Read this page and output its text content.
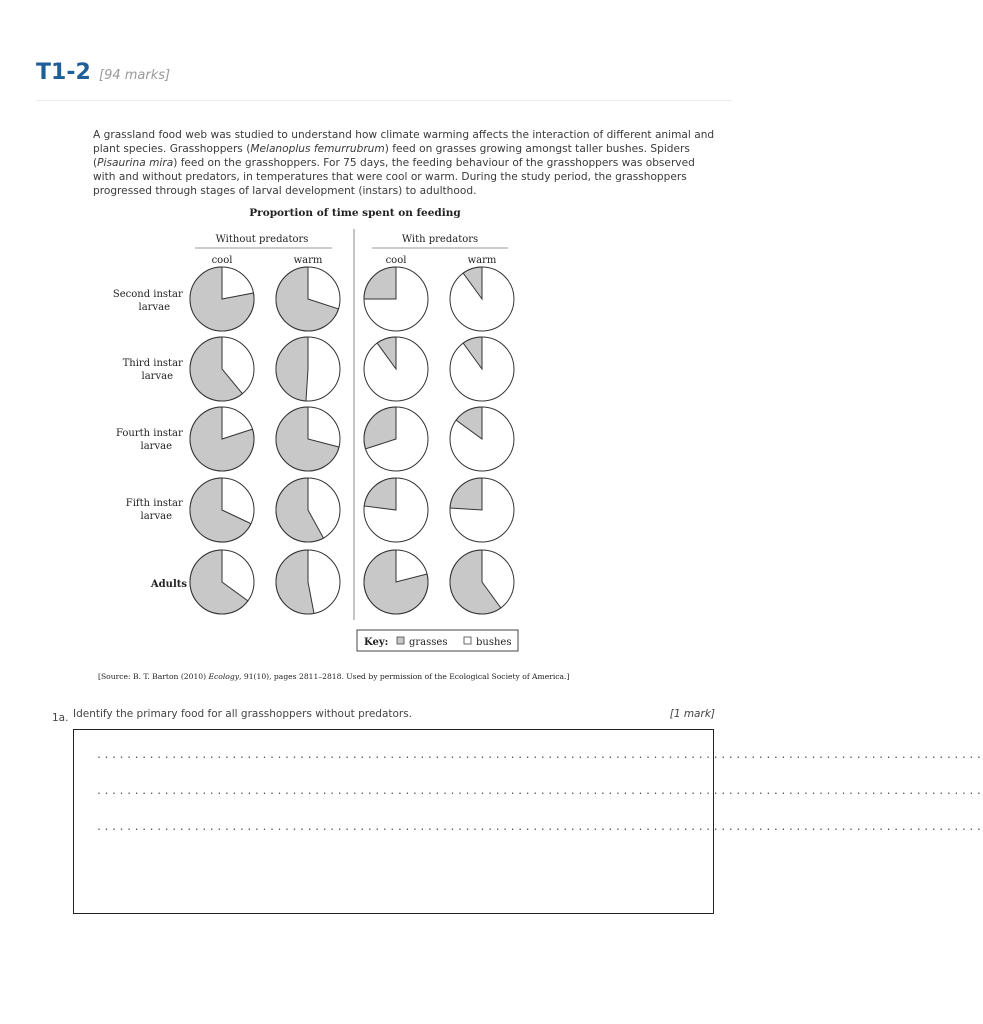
T1-2 [94 marks]

A grassland food web was studied to understand how climate warming affects the interaction of different animal and plant species. Grasshoppers (Melanoplus femurrubrum) feed on grasses growing amongst taller bushes. Spiders (Pisaurina mira) feed on the grasshoppers. For 75 days, the feeding behaviour of the grasshoppers was observed with and without predators, in temperatures that were cool or warm. During the study period, the grasshoppers progressed through stages of larval development (instars) to adulthood.

Proportion of time spent on feeding
Without predators	With predators
cool	warm	cool	warm
Second instar larvae
Third instar larvae
Fourth instar larvae
Fifth instar larvae
Adults
Key: grasses	bushes
[Source: B. T. Barton (2010) Ecology, 91(10), pages 2811–2818. Used by permission of the Ecological Society of America.]
1a. Identify the primary food for all grasshoppers without predators.	[1 mark]
......................................................................................................................
......................................................................................................................
......................................................................................................................
